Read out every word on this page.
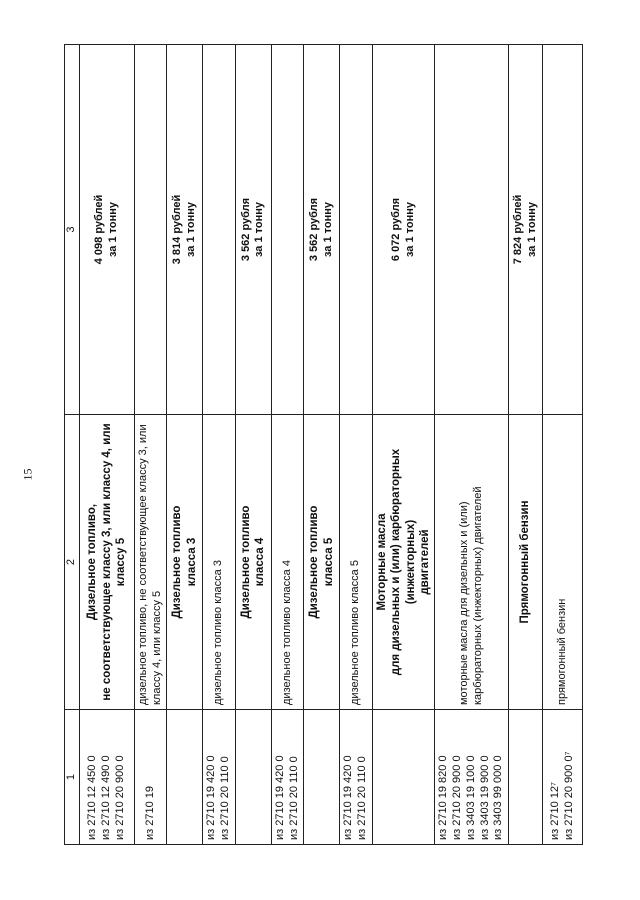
15
1	2	3

из 2710 12 450 0 из 2710 12 490 0 из 2710 20 900 0	Дизельное топливо, не соответствующее классу 3, или классу 4, или классу 5	4 098 рублей за 1 тонну

из 2710 19	дизельное топливо, не соответствующее классу 3, или классу 4, или классу 5	

	Дизельное топливо класса 3	3 814 рублей за 1 тонну

из 2710 19 420 0 из 2710 20 110 0	дизельное топливо класса 3	

	Дизельное топливо класса 4	3 562 рубля за 1 тонну

из 2710 19 420 0 из 2710 20 110 0	дизельное топливо класса 4	

	Дизельное топливо класса 5	3 562 рубля за 1 тонну

из 2710 19 420 0 из 2710 20 110 0	дизельное топливо класса 5	

	Моторные масла для дизельных и (или) карбюраторных (инжекторных) двигателей	6 072 рубля за 1 тонну

из 2710 19 820 0 из 2710 20 900 0 из 3403 19 100 0 из 3403 19 900 0 из 3403 99 000 0	моторные масла для дизельных и (или) карбюраторных (инжекторных) двигателей	

	Прямогонный бензин	7 824 рублей за 1 тонну

из 2710 12⁷ из 2710 20 900 0⁷	прямогонный бензин	
